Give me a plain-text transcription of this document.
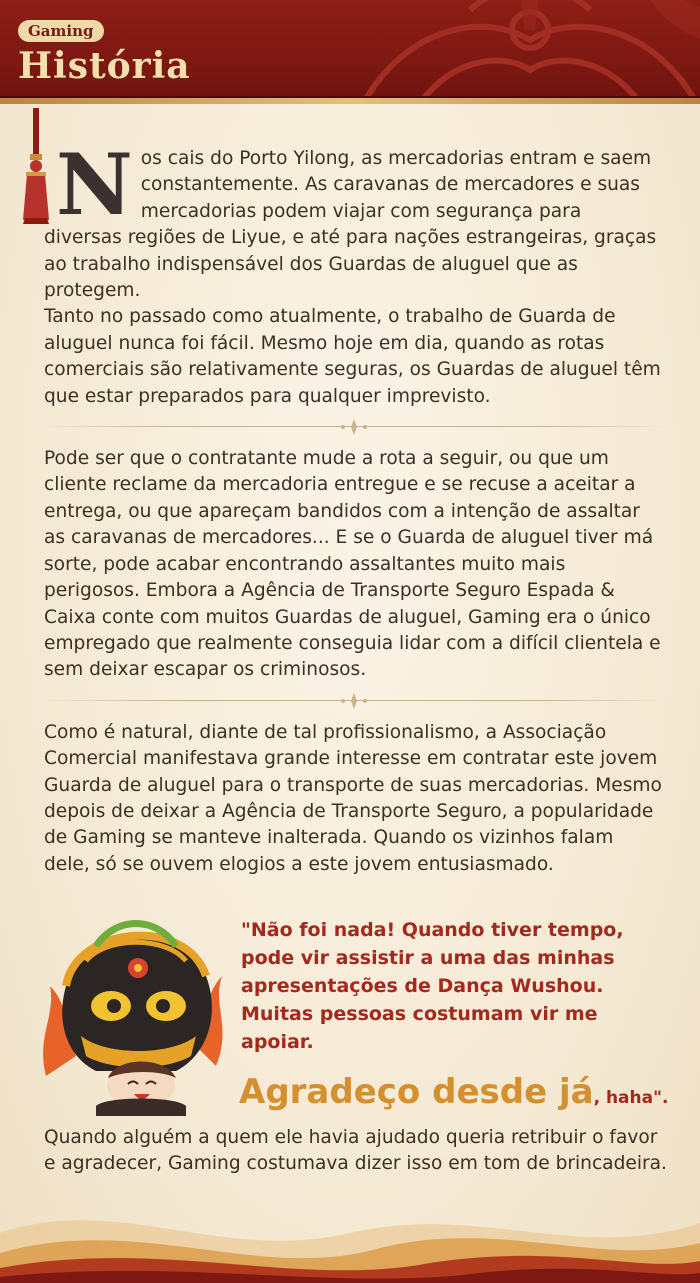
Gaming
História

N os cais do Porto Yilong, as mercadorias entram e saem constantemente. As caravanas de mercadores e suas mercadorias podem viajar com segurança para diversas regiões de Liyue, e até para nações estrangeiras, graças ao trabalho indispensável dos Guardas de aluguel que as protegem.

Tanto no passado como atualmente, o trabalho de Guarda de aluguel nunca foi fácil. Mesmo hoje em dia, quando as rotas comerciais são relativamente seguras, os Guardas de aluguel têm que estar preparados para qualquer imprevisto.

Pode ser que o contratante mude a rota a seguir, ou que um cliente reclame da mercadoria entregue e se recuse a aceitar a entrega, ou que apareçam bandidos com a intenção de assaltar as caravanas de mercadores... E se o Guarda de aluguel tiver má sorte, pode acabar encontrando assaltantes muito mais perigosos. Embora a Agência de Transporte Seguro Espada & Caixa conte com muitos Guardas de aluguel, Gaming era o único empregado que realmente conseguia lidar com a difícil clientela e sem deixar escapar os criminosos.

Como é natural, diante de tal profissionalismo, a Associação Comercial manifestava grande interesse em contratar este jovem Guarda de aluguel para o transporte de suas mercadorias. Mesmo depois de deixar a Agência de Transporte Seguro, a popularidade de Gaming se manteve inalterada. Quando os vizinhos falam dele, só se ouvem elogios a este jovem entusiasmado.

"Não foi nada! Quando tiver tempo, pode vir assistir a uma das minhas apresentações de Dança Wushou. Muitas pessoas costumam vir me apoiar.
Agradeço desde já, haha".
Quando alguém a quem ele havia ajudado queria retribuir o favor e agradecer, Gaming costumava dizer isso em tom de brincadeira.
